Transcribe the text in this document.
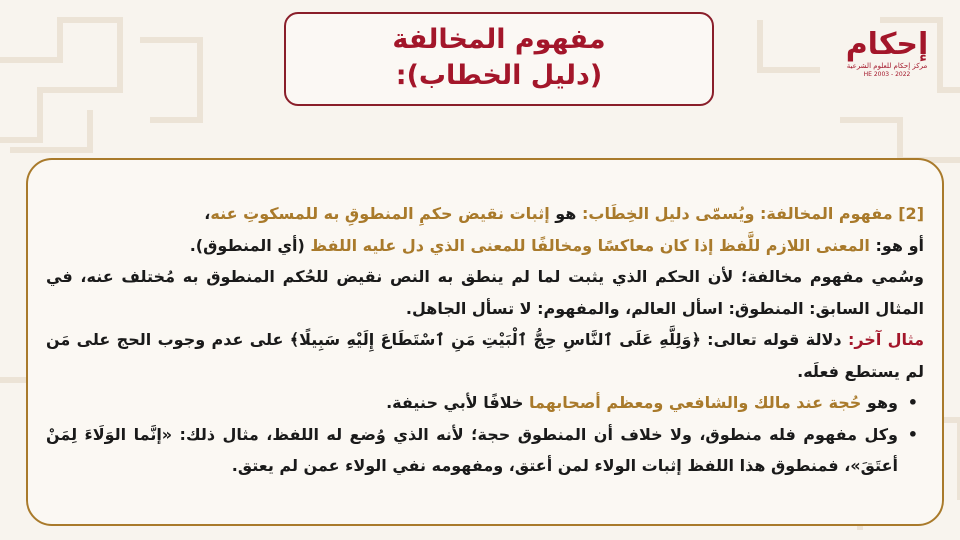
مفهوم المخالفة
(دليل الخطاب):
إحكام
مركز إحكام للعلوم الشرعية
HE 2003 - 2022

[2] مفهوم المخالفة: ويُسمّى دليل الخِطَاب: هو إثبات نقيض حكمِ المنطوقِ به للمسكوتِ عنه،

أو هو: المعنى اللازم للَّفظ إذا كان معاكسًا ومخالفًا للمعنى الذي دل عليه اللفظ (أي المنطوق).

وسُمي مفهوم مخالفة؛ لأن الحكم الذي يثبت لما لم ينطق به النص نقيض للحُكم المنطوق به مُختلف عنه، في المثال السابق: المنطوق: اسأل العالم، والمفهوم: لا تسأل الجاهل.

مثال آخر: دلالة قوله تعالى: ﴿وَلِلَّهِ عَلَى ٱلنَّاسِ حِجُّ ٱلْبَيْتِ مَنِ ٱسْتَطَاعَ إِلَيْهِ سَبِيلًا﴾ على عدم وجوب الحج على مَن لم يستطع فعلَه.

• وهو حُجة عند مالك والشافعي ومعظم أصحابهما خلافًا لأبي حنيفة.
• وكل مفهوم فله منطوق، ولا خلاف أن المنطوق حجة؛ لأنه الذي وُضع له اللفظ، مثال ذلك: «إنَّما الوَلَاءَ لِمَنْ أعتَقَ»، فمنطوق هذا اللفظ إثبات الولاء لمن أعتق، ومفهومه نفي الولاء عمن لم يعتق.
